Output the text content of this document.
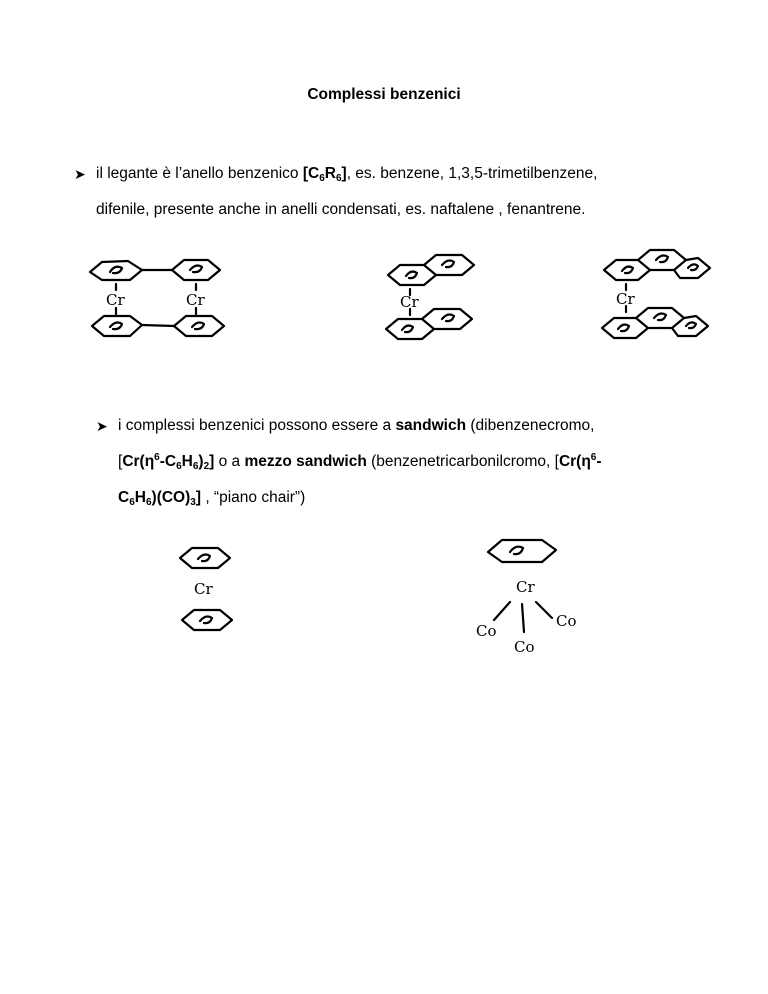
Complessi benzenici
➤ il legante è l’anello benzenico $[C_6R_6]$, es. benzene, 1,3,5-trimetilbenzene,
difenile, presente anche in anelli condensati, es. naftalene , fenantrene.
Cr	Cr	Cr	Cr
➤ i complessi benzenici possono essere a sandwich (dibenzenecromo,
$[Cr(\eta^6-C_6H_6)_2]$ o a mezzo sandwich (benzenetricarbonilcromo, [$Cr(\eta^6-$
$C_6H_6)(CO)_3$] , “piano chair”)
Cr	Cr
Co
Co
Co
